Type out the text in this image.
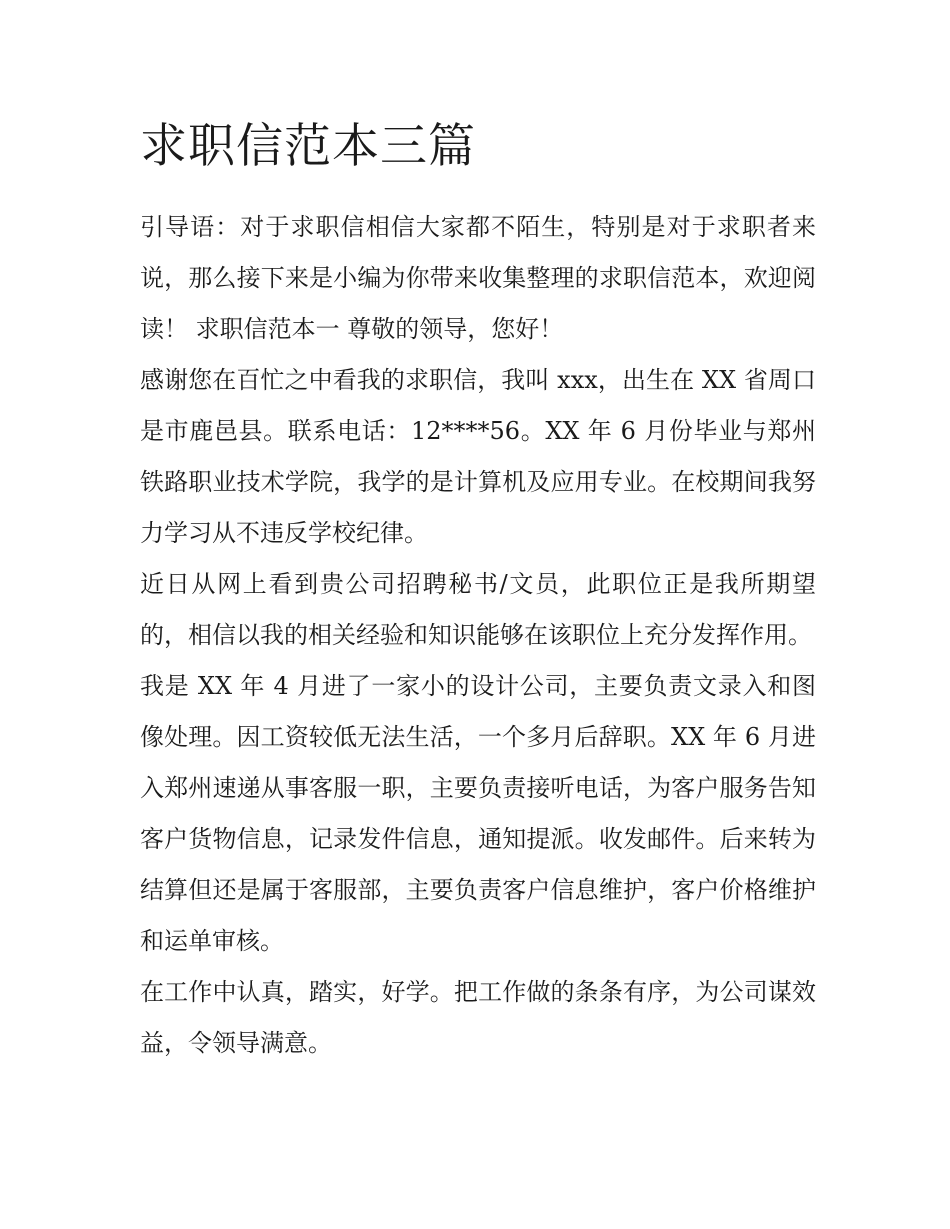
求职信范本三篇

引导语：对于求职信相信大家都不陌生，特别是对于求职者来说，那么接下来是小编为你带来收集整理的求职信范本，欢迎阅读！ 求职信范本一 尊敬的领导，您好！

感谢您在百忙之中看我的求职信，我叫 xxx，出生在 XX 省周口是市鹿邑县。联系电话：12****56。XX 年 6 月份毕业与郑州铁路职业技术学院，我学的是计算机及应用专业。在校期间我努力学习从不违反学校纪律。

近日从网上看到贵公司招聘秘书/文员，此职位正是我所期望的，相信以我的相关经验和知识能够在该职位上充分发挥作用。

我是 XX 年 4 月进了一家小的设计公司，主要负责文录入和图像处理。因工资较低无法生活，一个多月后辞职。XX 年 6 月进入郑州速递从事客服一职，主要负责接听电话，为客户服务告知客户货物信息，记录发件信息，通知提派。收发邮件。后来转为结算但还是属于客服部，主要负责客户信息维护，客户价格维护和运单审核。

在工作中认真，踏实，好学。把工作做的条条有序，为公司谋效益，令领导满意。
